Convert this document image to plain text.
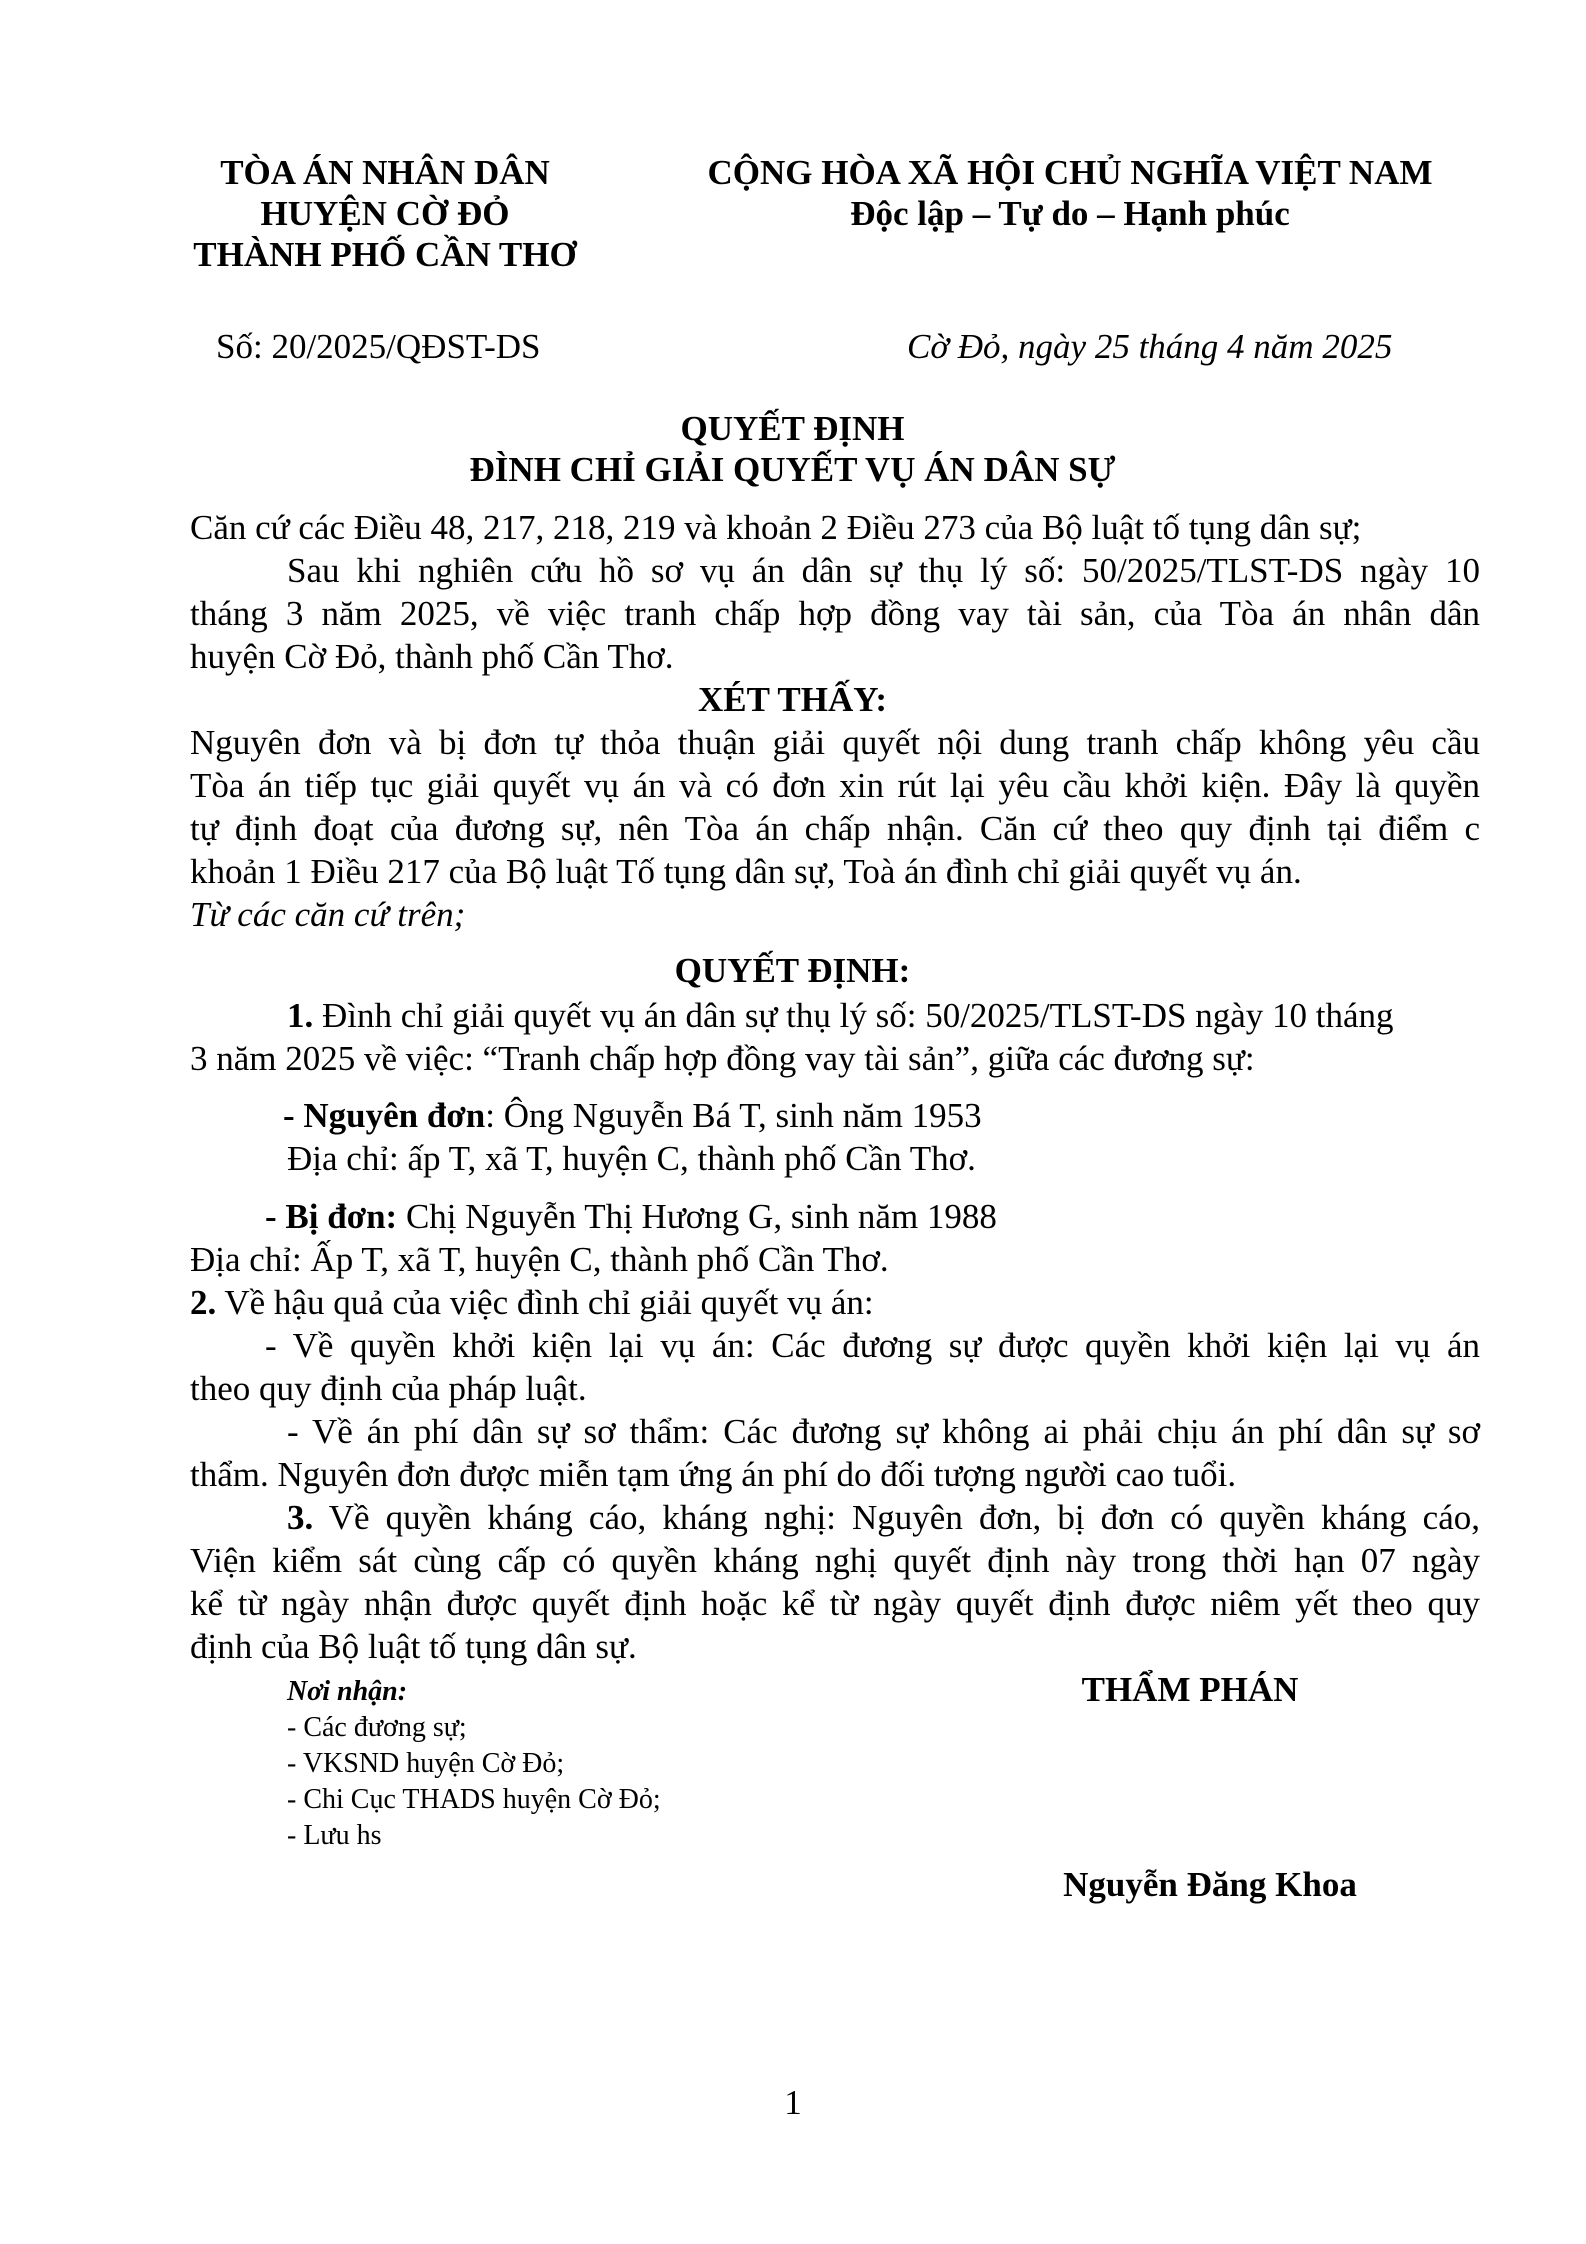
TÒA ÁN NHÂN DÂN
HUYỆN CỜ ĐỎ
THÀNH PHỐ CẦN THƠ
CỘNG HÒA XÃ HỘI CHỦ NGHĨA VIỆT NAM
Độc lập – Tự do – Hạnh phúc
Số: 20/2025/QĐST-DS	Cờ Đỏ, ngày 25 tháng 4 năm 2025
QUYẾT ĐỊNH
ĐÌNH CHỈ GIẢI QUYẾT VỤ ÁN DÂN SỰ
Căn cứ các Điều 48, 217, 218, 219 và khoản 2 Điều 273 của Bộ luật tố tụng dân sự;
Sau khi nghiên cứu hồ sơ vụ án dân sự thụ lý số: 50/2025/TLST-DS ngày 10
tháng 3 năm 2025, về việc tranh chấp hợp đồng vay tài sản, của Tòa án nhân dân
huyện Cờ Đỏ, thành phố Cần Thơ.
XÉT THẤY:
Nguyên đơn và bị đơn tự thỏa thuận giải quyết nội dung tranh chấp không yêu cầu
Tòa án tiếp tục giải quyết vụ án và có đơn xin rút lại yêu cầu khởi kiện. Đây là quyền
tự định đoạt của đương sự, nên Tòa án chấp nhận. Căn cứ theo quy định tại điểm c
khoản 1 Điều 217 của Bộ luật Tố tụng dân sự, Toà án đình chỉ giải quyết vụ án.
Từ các căn cứ trên;
QUYẾT ĐỊNH:
1. Đình chỉ giải quyết vụ án dân sự thụ lý số: 50/2025/TLST-DS ngày 10 tháng
3 năm 2025 về việc: “Tranh chấp hợp đồng vay tài sản”, giữa các đương sự:
- Nguyên đơn: Ông Nguyễn Bá T, sinh năm 1953
Địa chỉ: ấp T, xã T, huyện C, thành phố Cần Thơ.
- Bị đơn: Chị Nguyễn Thị Hương G, sinh năm 1988
Địa chỉ: Ấp T, xã T, huyện C, thành phố Cần Thơ.
2. Về hậu quả của việc đình chỉ giải quyết vụ án:
- Về quyền khởi kiện lại vụ án: Các đương sự được quyền khởi kiện lại vụ án
theo quy định của pháp luật.
- Về án phí dân sự sơ thẩm: Các đương sự không ai phải chịu án phí dân sự sơ
thẩm. Nguyên đơn được miễn tạm ứng án phí do đối tượng người cao tuổi.
3. Về quyền kháng cáo, kháng nghị: Nguyên đơn, bị đơn có quyền kháng cáo,
Viện kiểm sát cùng cấp có quyền kháng nghị quyết định này trong thời hạn 07 ngày
kể từ ngày nhận được quyết định hoặc kể từ ngày quyết định được niêm yết theo quy
định của Bộ luật tố tụng dân sự.
Nơi nhận:
- Các đương sự;
- VKSND huyện Cờ Đỏ;
- Chi Cục THADS huyện Cờ Đỏ;
- Lưu hs
THẨM PHÁN
Nguyễn Đăng Khoa
1
